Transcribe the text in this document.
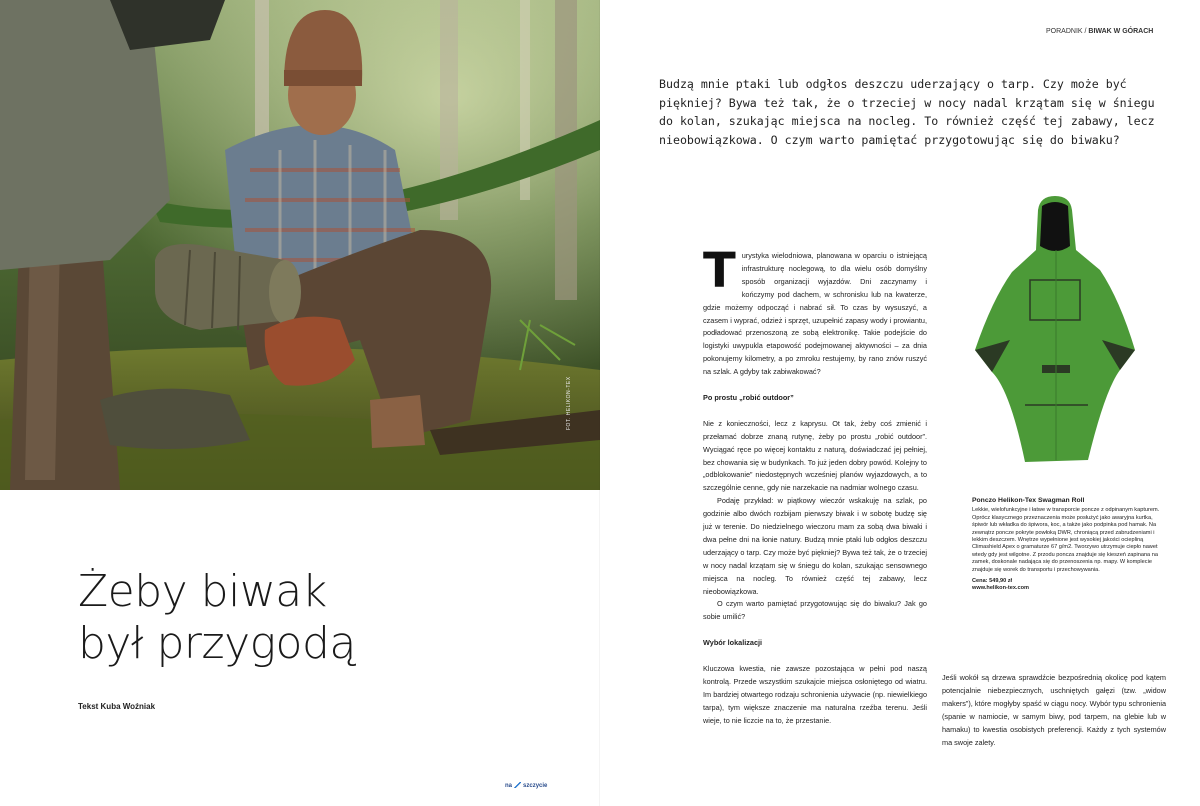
FOT. HELIKON-TEX
Żeby biwak
był przygodą
Tekst Kuba Woźniak
na szczycie
PORADNIK / BIWAK W GÓRACH

Budzą mnie ptaki lub odgłos deszczu uderzający o tarp. Czy może być piękniej? Bywa też tak, że o trzeciej w nocy nadal krzątam się w śniegu do kolan, szukając miejsca na nocleg. To również część tej zabawy, lecz nieobowiązkowa. O czym warto pamiętać przygotowując się do biwaku?

T urystyka wielodniowa, planowana w oparciu o istniejącą infrastrukturę noclegową, to dla wielu osób domyślny sposób organizacji wyjazdów. Dni zaczynamy i kończymy pod dachem, w schronisku lub na kwaterze, gdzie możemy odpocząć i nabrać sił. To czas by wysuszyć, a czasem i wyprać, odzież i sprzęt, uzupełnić zapasy wody i prowiantu, podładować przenoszoną ze sobą elektronikę. Takie podejście do logistyki uwypukla etapowość podejmowanej aktywności – za dnia pokonujemy kilometry, a po zmroku restujemy, by rano znów ruszyć na szlak. A gdyby tak zabiwakować?

Po prostu „robić outdoor”

Nie z konieczności, lecz z kaprysu. Ot tak, żeby coś zmienić i przełamać dobrze znaną rutynę, żeby po prostu „robić outdoor”. Wyciągać ręce po więcej kontaktu z naturą, doświadczać jej pełniej, bez chowania się w budynkach. To już jeden dobry powód. Kolejny to „odblokowanie” niedostępnych wcześniej planów wyjazdowych, a to szczególnie cenne, gdy nie narzekacie na nadmiar wolnego czasu.

Podaję przykład: w piątkowy wieczór wskakuję na szlak, po godzinie albo dwóch rozbijam pierwszy biwak i w sobotę budzę się już w terenie. Do niedzielnego wieczoru mam za sobą dwa biwaki i dwa pełne dni na łonie natury. Budzą mnie ptaki lub odgłos deszczu uderzający o tarp. Czy może być piękniej? Bywa też tak, że o trzeciej w nocy nadal krzątam się w śniegu do kolan, szukając sensownego miejsca na nocleg. To również część tej zabawy, lecz nieobowiązkowa.

O czym warto pamiętać przygotowując się do biwaku? Jak go sobie umilić?

Wybór lokalizacji

Kluczowa kwestia, nie zawsze pozostająca w pełni pod naszą kontrolą. Przede wszystkim szukajcie miejsca osłoniętego od wiatru. Im bardziej otwartego rodzaju schronienia używacie (np. niewielkiego tarpa), tym większe znaczenie ma naturalna rzeźba terenu. Jeśli wieje, to nie liczcie na to, że przestanie.

Jeśli wokół są drzewa sprawdźcie bezpośrednią okolicę pod kątem potencjalnie niebezpiecznych, uschniętych gałęzi (tzw. „widow makers”), które mogłyby spaść w ciągu nocy. Wybór typu schronienia (spanie w namiocie, w samym biwy, pod tarpem, na glebie lub w hamaku) to kwestia osobistych preferencji. Każdy z tych systemów ma swoje zalety.

Ponczo Helikon-Tex Swagman Roll

Lekkie, wielofunkcyjne i łatwe w transporcie poncze z odpinanym kapturem. Oprócz klasycznego przeznaczenia może posłużyć jako awaryjna kurtka, śpiwór lub wkładka do śpiwora, koc, a także jako podpinka pod hamak. Na zewnątrz poncze pokryte powłoką DWR, chroniącą przed zabrudzeniami i lekkim deszczem. Wnętrze wypełnione jest wysokiej jakości ociepliną Climashield Apex o gramaturze 67 g/m2. Tworzywo utrzymuje ciepło nawet wtedy gdy jest wilgotne. Z przodu poncza znajduje się kieszeń zapinana na zamek, doskonale nadająca się do przenoszenia np. mapy. W komplecie znajduje się worek do transportu i przechowywania.

Cena: 549,90 zł

www.helikon-tex.com
